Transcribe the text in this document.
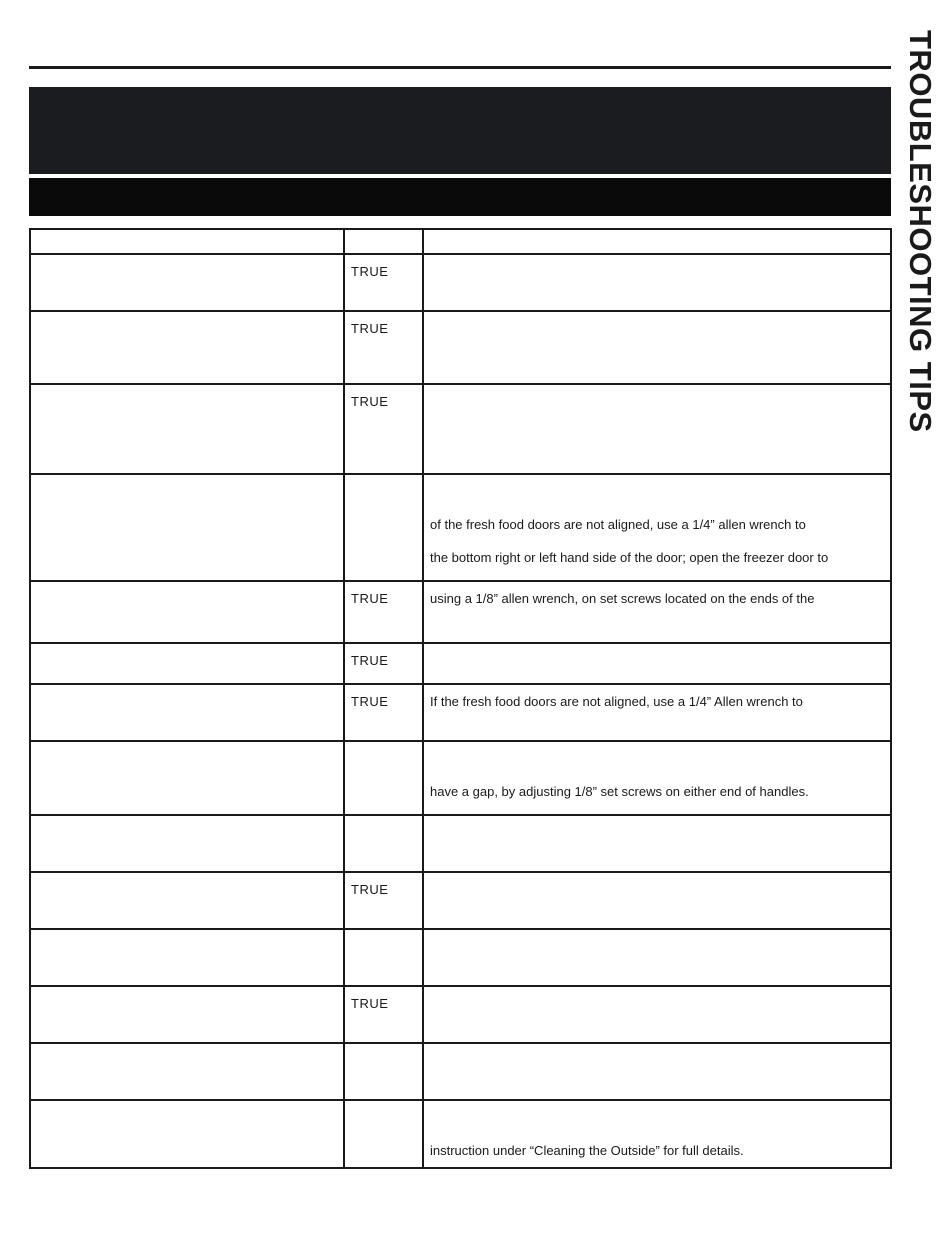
TROUBLESHOOTING TIPS

	TRUE	
	TRUE	
	TRUE	

		of the fresh food doors are not aligned, use a 1/4” allen wrench to
the bottom right or left hand side of the door; open the freezer door to

	TRUE	using a 1/8” allen wrench, on set screws located on the ends of the

	TRUE	
	TRUE	If the fresh food doors are not aligned, use a 1/4” Allen wrench to

		have a gap, by adjusting 1/8” set screws on either end of handles.

	TRUE	

	TRUE	

		instruction under “Cleaning the Outside” for full details.
